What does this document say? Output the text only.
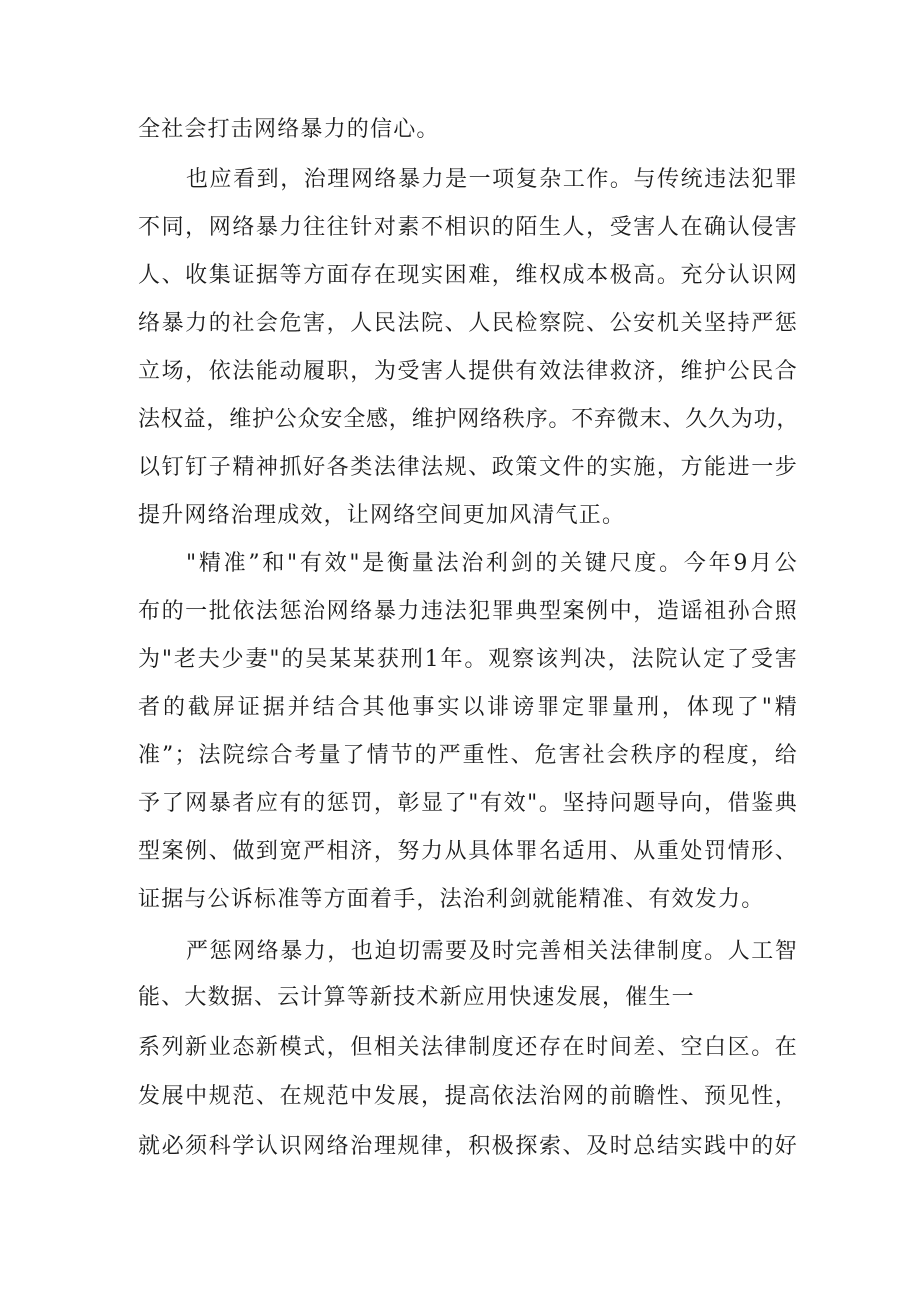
全社会打击网络暴力的信心。
也应看到，治理网络暴力是一项复杂工作。与传统违法犯罪
不同，网络暴力往往针对素不相识的陌生人，受害人在确认侵害
人、收集证据等方面存在现实困难，维权成本极高。充分认识网
络暴力的社会危害，人民法院、人民检察院、公安机关坚持严惩
立场，依法能动履职，为受害人提供有效法律救济，维护公民合
法权益，维护公众安全感，维护网络秩序。不弃微末、久久为功，
以钉钉子精神抓好各类法律法规、政策文件的实施，方能进一步
提升网络治理成效，让网络空间更加风清气正。
"精准”和"有效"是衡量法治利剑的关键尺度。今年9月公
布的一批依法惩治网络暴力违法犯罪典型案例中，造谣祖孙合照
为"老夫少妻"的吴某某获刑1年。观察该判决，法院认定了受害
者的截屏证据并结合其他事实以诽谤罪定罪量刑，体现了"精
准”；法院综合考量了情节的严重性、危害社会秩序的程度，给
予了网暴者应有的惩罚，彰显了"有效"。坚持问题导向，借鉴典
型案例、做到宽严相济，努力从具体罪名适用、从重处罚情形、
证据与公诉标准等方面着手，法治利剑就能精准、有效发力。
严惩网络暴力，也迫切需要及时完善相关法律制度。人工智
能、大数据、云计算等新技术新应用快速发展，催生一
系列新业态新模式，但相关法律制度还存在时间差、空白区。在
发展中规范、在规范中发展，提高依法治网的前瞻性、预见性，
就必须科学认识网络治理规律，积极探索、及时总结实践中的好
